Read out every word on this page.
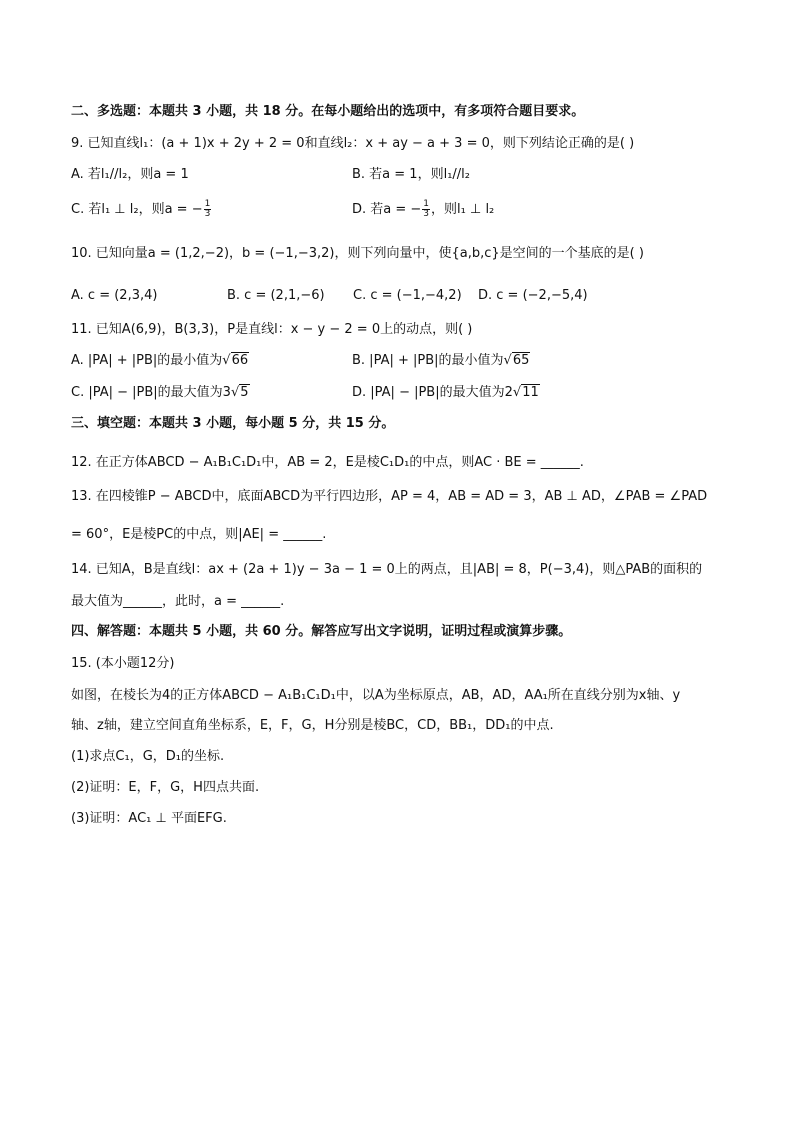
二、多选题：本题共 3 小题，共 18 分。在每小题给出的选项中，有多项符合题目要求。
9. 已知直线l₁：(a + 1)x + 2y + 2 = 0和直线l₂：x + ay − a + 3 = 0，则下列结论正确的是( )
A. 若l₁//l₂，则a = 1	B. 若a = 1，则l₁//l₂
C. 若l₁ ⊥ l₂，则a = − $\frac{1}{3}$	D. 若a = − $\frac{1}{3}$ ，则l₁ ⊥ l₂
10. 已知向量a = (1,2,−2)，b = (−1,−3,2)，则下列向量中，使{a,b,c}是空间的一个基底的是( )
A. c = (2,3,4)	B. c = (2,1,−6) C. c = (−1,−4,2) D. c = (−2,−5,4)
11. 已知A(6,9)，B(3,3)，P是直线l：x − y − 2 = 0上的动点，则( )
A. |PA| + |PB|的最小值为√66	B. |PA| + |PB|的最小值为√65
C. |PA| − |PB|的最大值为3√5	D. |PA| − |PB|的最大值为2√11
三、填空题：本题共 3 小题，每小题 5 分，共 15 分。
12. 在正方体ABCD − A₁B₁C₁D₁中，AB = 2，E是棱C₁D₁的中点，则AC · BE = ______.
13. 在四棱锥P − ABCD中，底面ABCD为平行四边形，AP = 4，AB = AD = 3，AB ⊥ AD，∠PAB = ∠PAD
= 60°，E是棱PC的中点，则|AE| = ______.
14. 已知A，B是直线l：ax + (2a + 1)y − 3a − 1 = 0上的两点，且|AB| = 8，P(−3,4)，则△PAB的面积的
最大值为______，此时，a = ______.
四、解答题：本题共 5 小题，共 60 分。解答应写出文字说明，证明过程或演算步骤。
15. (本小题12分)
如图，在棱长为4的正方体ABCD − A₁B₁C₁D₁中，以A为坐标原点，AB，AD，AA₁所在直线分别为x轴、y
轴、z轴，建立空间直角坐标系，E，F，G，H分别是棱BC，CD，BB₁，DD₁的中点.
(1)求点C₁，G，D₁的坐标.
(2)证明：E，F，G，H四点共面.
(3)证明：AC₁ ⊥ 平面EFG.
